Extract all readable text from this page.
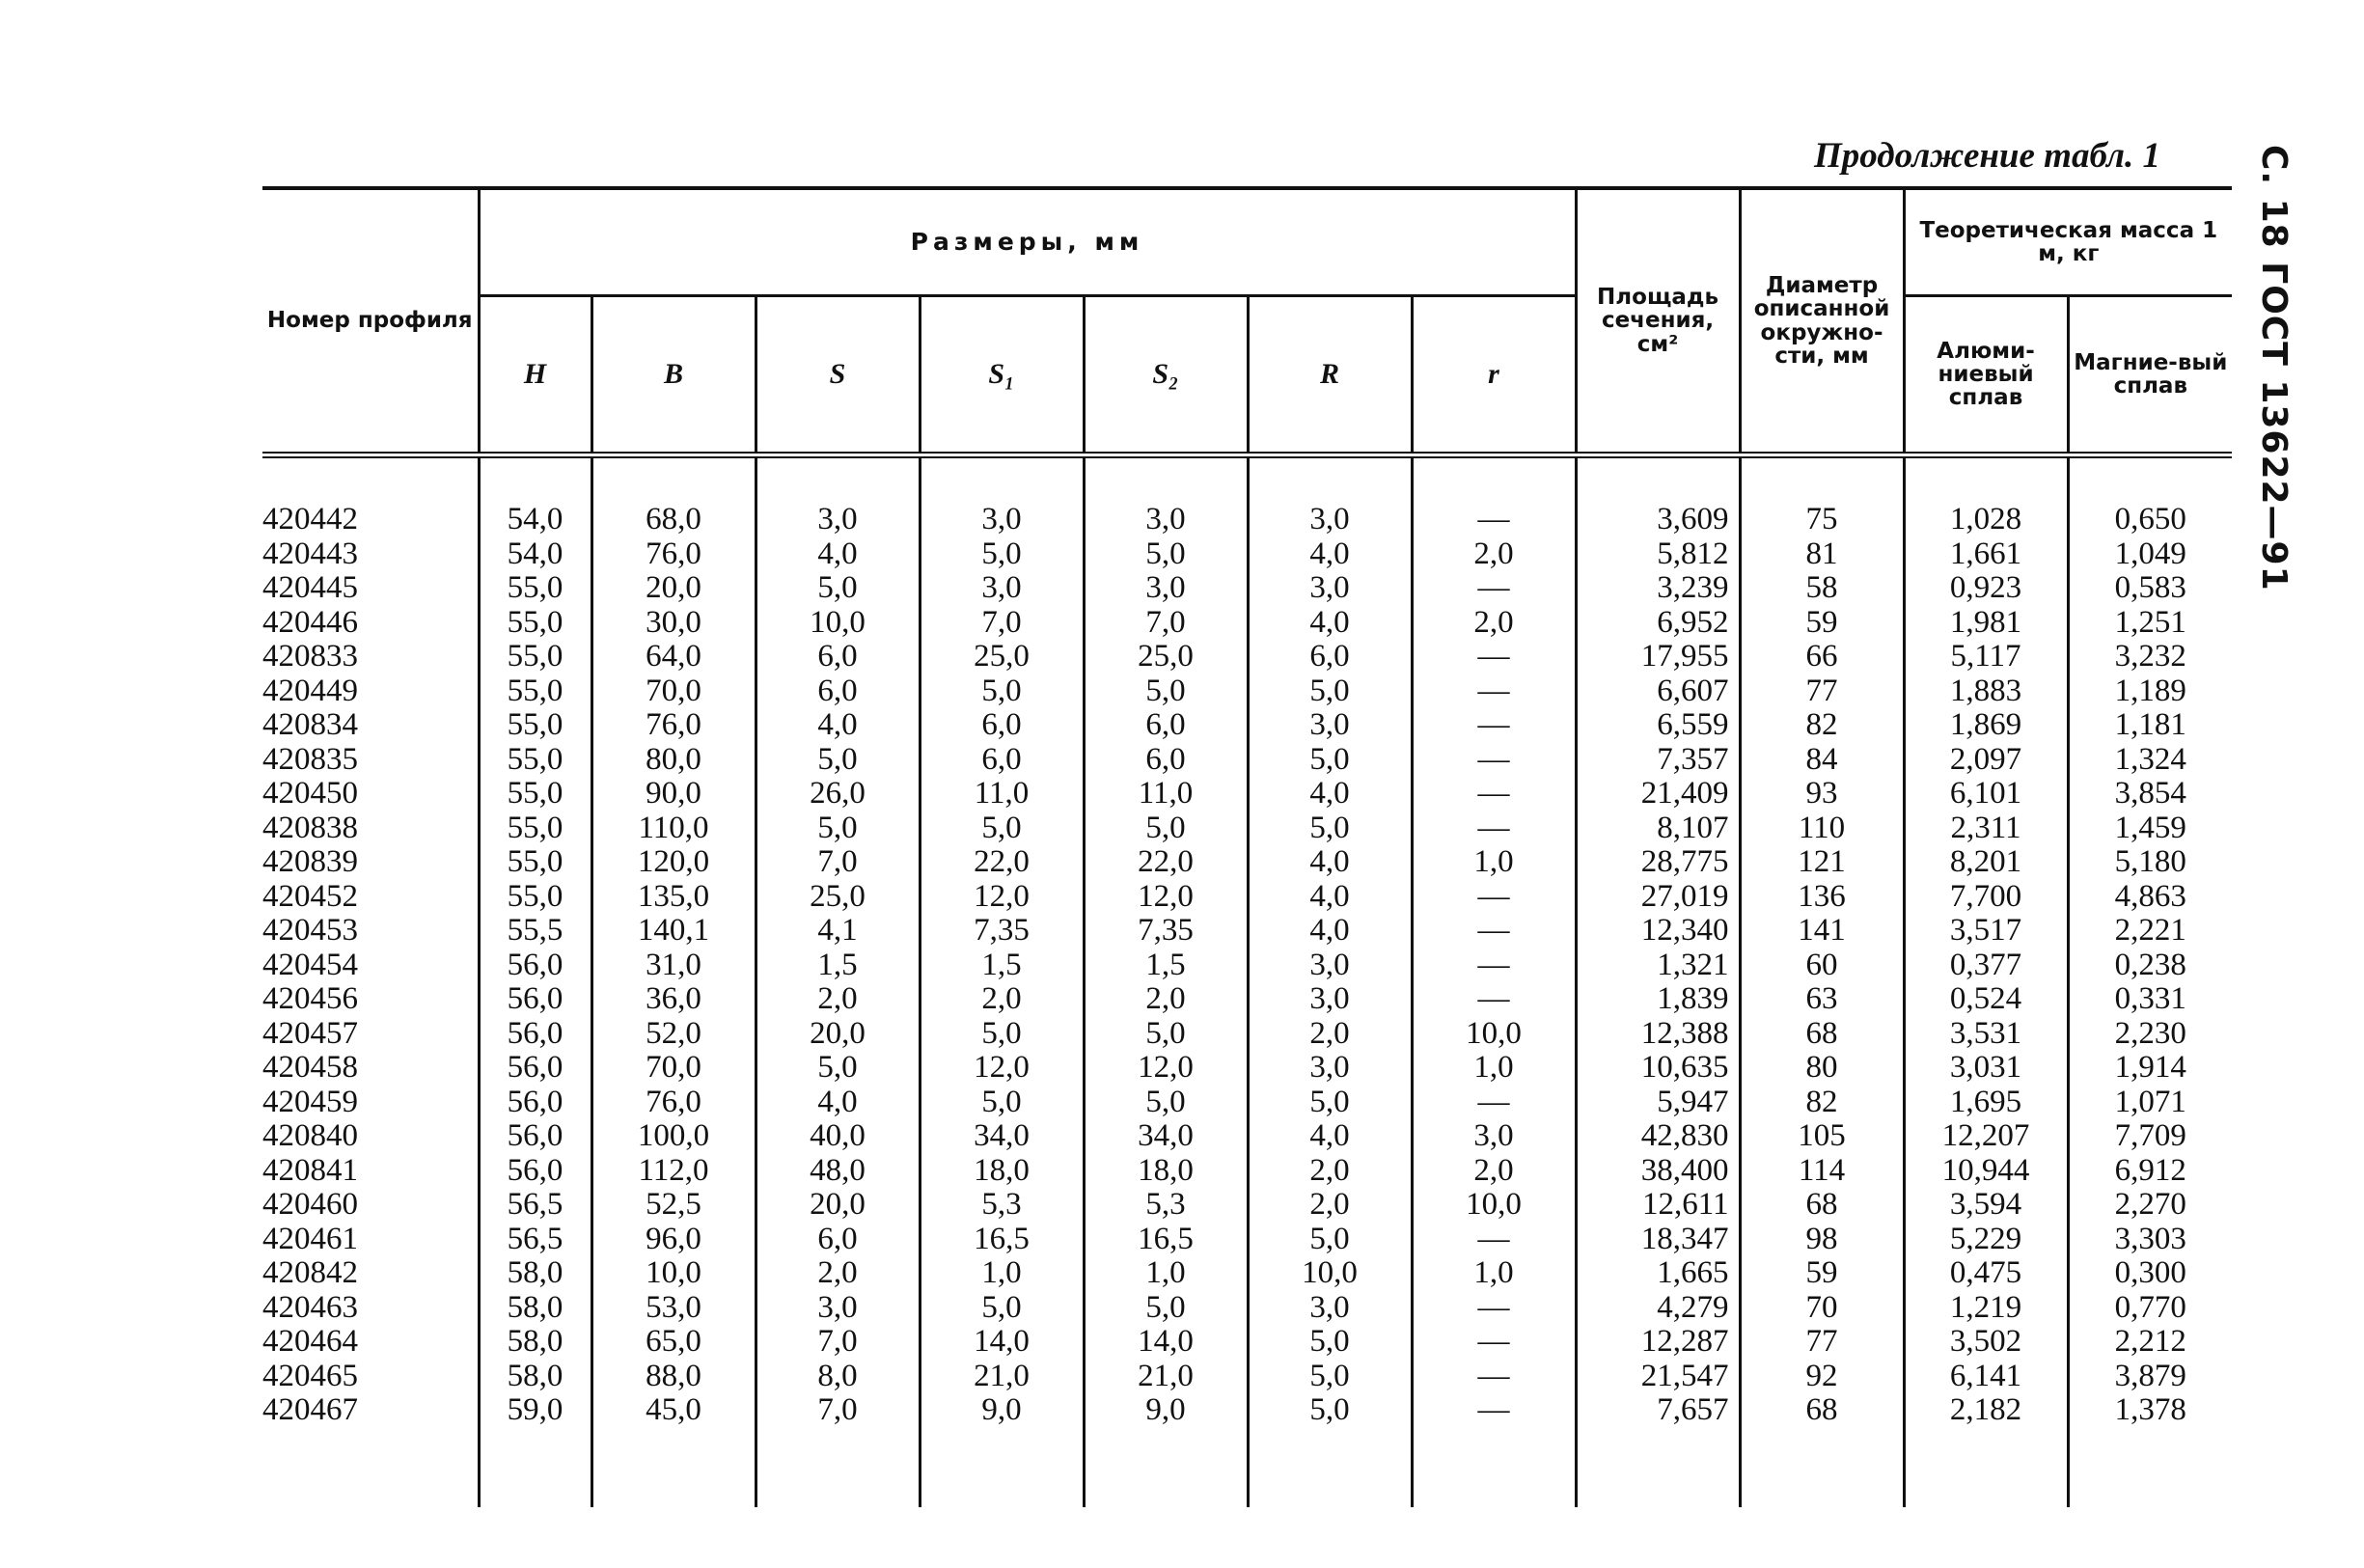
Продолжение табл. 1	С. 18 ГОСТ 13622—91
Номер профиля	Размеры, мм							Площадь сечения, см²	Диаметр описанной окружно-сти, мм	Теоретическая масса 1 м, кг	
	H	B	S	S₁	S₂	R	r			Алюми-ниевый сплав	Магние-вый сплав
420442	54,0	68,0	3,0	3,0	3,0	3,0	—	3,609	75	1,028	0,650
420443	54,0	76,0	4,0	5,0	5,0	4,0	2,0	5,812	81	1,661	1,049
420445	55,0	20,0	5,0	3,0	3,0	3,0	—	3,239	58	0,923	0,583
420446	55,0	30,0	10,0	7,0	7,0	4,0	2,0	6,952	59	1,981	1,251
420833	55,0	64,0	6,0	25,0	25,0	6,0	—	17,955	66	5,117	3,232
420449	55,0	70,0	6,0	5,0	5,0	5,0	—	6,607	77	1,883	1,189
420834	55,0	76,0	4,0	6,0	6,0	3,0	—	6,559	82	1,869	1,181
420835	55,0	80,0	5,0	6,0	6,0	5,0	—	7,357	84	2,097	1,324
420450	55,0	90,0	26,0	11,0	11,0	4,0	—	21,409	93	6,101	3,854
420838	55,0	110,0	5,0	5,0	5,0	5,0	—	8,107	110	2,311	1,459
420839	55,0	120,0	7,0	22,0	22,0	4,0	1,0	28,775	121	8,201	5,180
420452	55,0	135,0	25,0	12,0	12,0	4,0	—	27,019	136	7,700	4,863
420453	55,5	140,1	4,1	7,35	7,35	4,0	—	12,340	141	3,517	2,221
420454	56,0	31,0	1,5	1,5	1,5	3,0	—	1,321	60	0,377	0,238
420456	56,0	36,0	2,0	2,0	2,0	3,0	—	1,839	63	0,524	0,331
420457	56,0	52,0	20,0	5,0	5,0	2,0	10,0	12,388	68	3,531	2,230
420458	56,0	70,0	5,0	12,0	12,0	3,0	1,0	10,635	80	3,031	1,914
420459	56,0	76,0	4,0	5,0	5,0	5,0	—	5,947	82	1,695	1,071
420840	56,0	100,0	40,0	34,0	34,0	4,0	3,0	42,830	105	12,207	7,709
420841	56,0	112,0	48,0	18,0	18,0	2,0	2,0	38,400	114	10,944	6,912
420460	56,5	52,5	20,0	5,3	5,3	2,0	10,0	12,611	68	3,594	2,270
420461	56,5	96,0	6,0	16,5	16,5	5,0	—	18,347	98	5,229	3,303
420842	58,0	10,0	2,0	1,0	1,0	10,0	1,0	1,665	59	0,475	0,300
420463	58,0	53,0	3,0	5,0	5,0	3,0	—	4,279	70	1,219	0,770
420464	58,0	65,0	7,0	14,0	14,0	5,0	—	12,287	77	3,502	2,212
420465	58,0	88,0	8,0	21,0	21,0	5,0	—	21,547	92	6,141	3,879
420467	59,0	45,0	7,0	9,0	9,0	5,0	—	7,657	68	2,182	1,378
